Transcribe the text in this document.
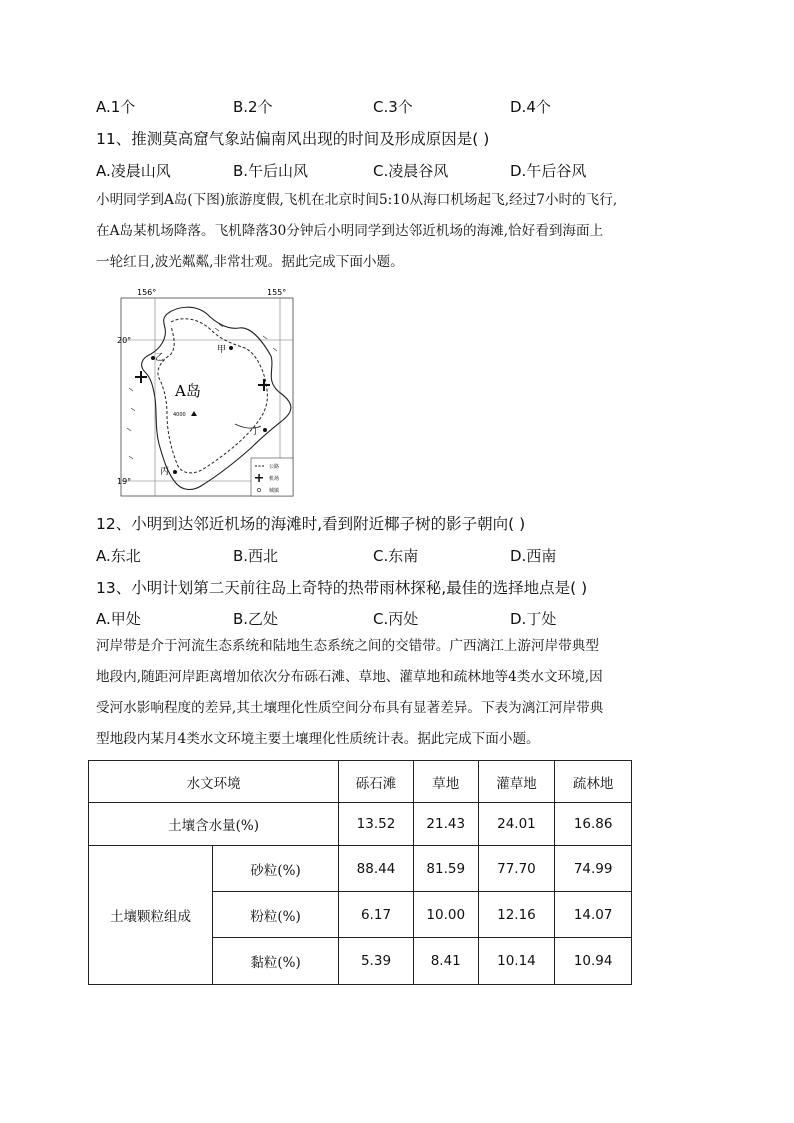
A.1个	B.2个	C.3个	D.4个
11、推测莫高窟气象站偏南风出现的时间及形成原因是( )
A.凌晨山风	B.午后山风	C.凌晨谷风	D.午后谷风
小明同学到A岛(下图)旅游度假,飞机在北京时间5:10从海口机场起飞,经过7小时的飞行,
在A岛某机场降落。飞机降落30分钟后小明同学到达邻近机场的海滩,恰好看到海面上
一轮红日,波光粼粼,非常壮观。据此完成下面小题。
156°	155°
20°
19°
A岛
4000
甲
乙
丙
丁
公路
机场
城镇
12、小明到达邻近机场的海滩时,看到附近椰子树的影子朝向( )
A.东北	B.西北	C.东南	D.西南
13、小明计划第二天前往岛上奇特的热带雨林探秘,最佳的选择地点是( )
A.甲处	B.乙处	C.丙处	D.丁处
河岸带是介于河流生态系统和陆地生态系统之间的交错带。广西漓江上游河岸带典型
地段内,随距河岸距离增加依次分布砾石滩、草地、灌草地和疏林地等4类水文环境,因
受河水影响程度的差异,其土壤理化性质空间分布具有显著差异。下表为漓江河岸带典
型地段内某月4类水文环境主要土壤理化性质统计表。据此完成下面小题。
水文环境		砾石滩	草地	灌草地	疏林地
土壤含水量(%)		13.52	21.43	24.01	16.86
土壤颗粒组成	砂粒(%)	88.44	81.59	77.70	74.99
	粉粒(%)	6.17	10.00	12.16	14.07
	黏粒(%)	5.39	8.41	10.14	10.94
